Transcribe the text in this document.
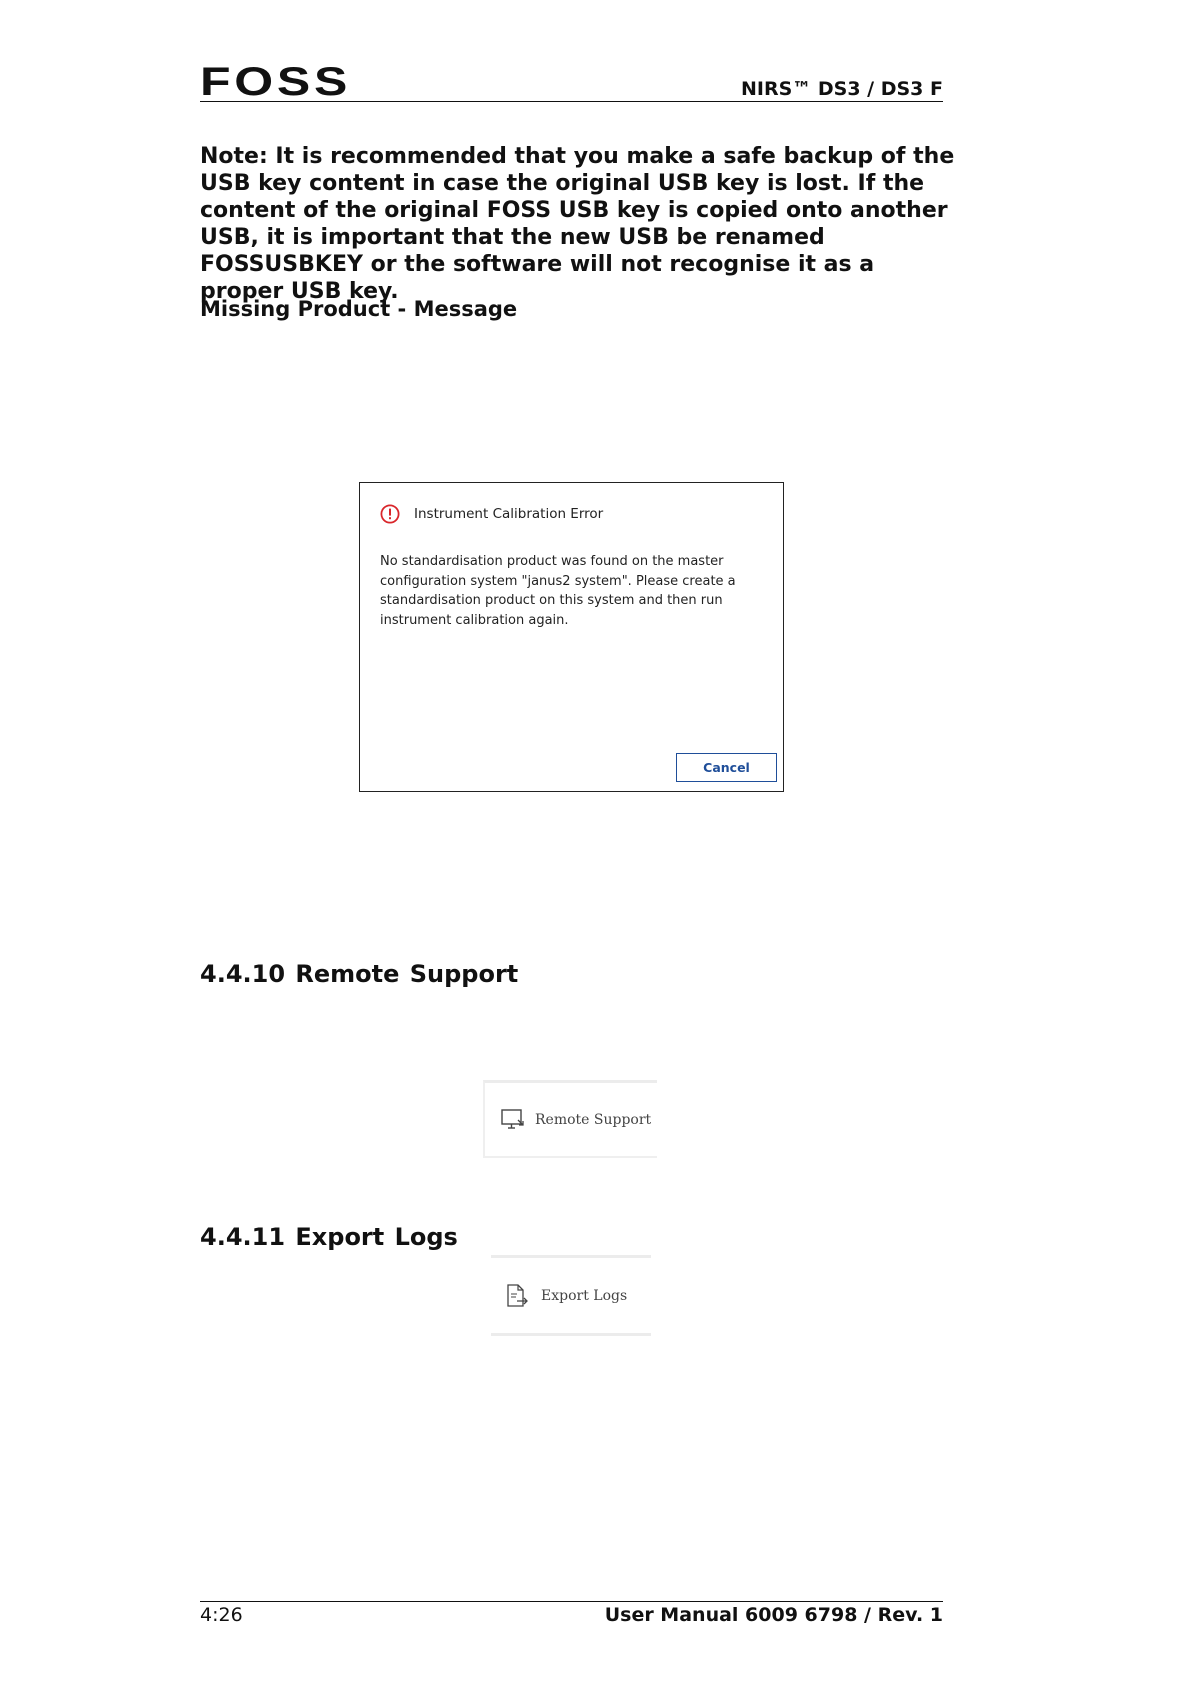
FOSS	NIRS™ DS3 / DS3 F
Note: It is recommended that you make a safe backup of the USB key content in case the original USB key is lost. If the content of the original FOSS USB key is copied onto another USB, it is important that the new USB be renamed FOSSUSBKEY or the software will not recognise it as a proper USB key.
Missing Product - Message
Instrument Calibration Error
No standardisation product was found on the master configuration system "janus2 system". Please create a standardisation product on this system and then run instrument calibration again.
Cancel
4.4.10 Remote Support
Remote Support
4.4.11 Export Logs
Export Logs
4:26	User Manual 6009 6798 / Rev. 1
